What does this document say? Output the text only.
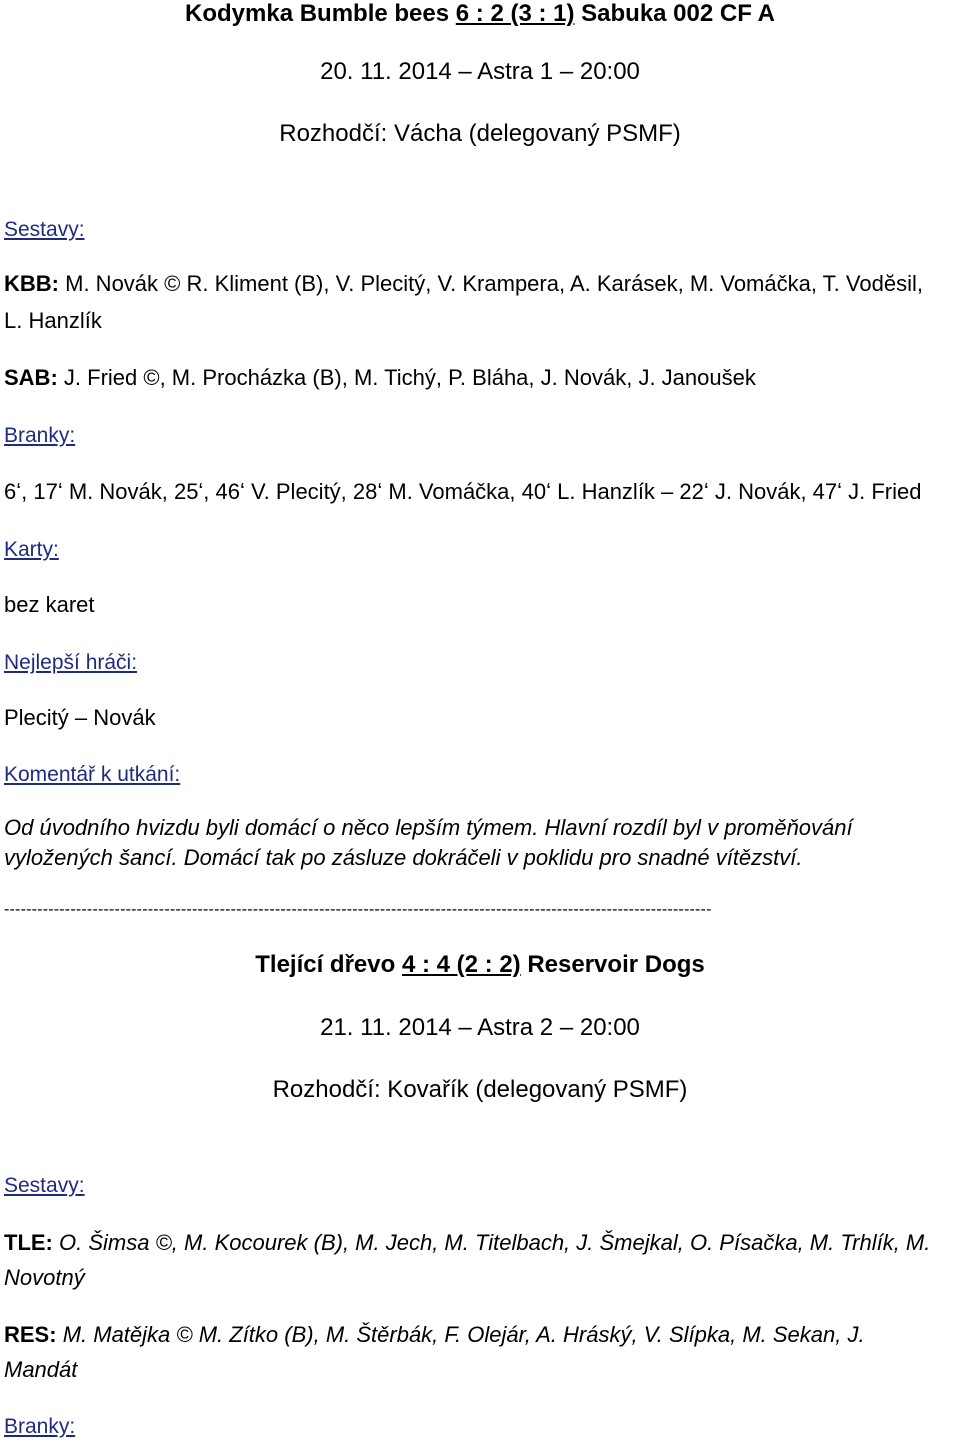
Kodymka Bumble bees 6 : 2 (3 : 1) Sabuka 002 CF A
20. 11. 2014 – Astra 1 – 20:00
Rozhodčí: Vácha (delegovaný PSMF)
Sestavy:
KBB: M. Novák © R. Kliment (B), V. Plecitý, V. Krampera, A. Karásek, M. Vomáčka, T. Vodĕsil,
L. Hanzlík
SAB: J. Fried ©, M. Procházka (B), M. Tichý, P. Bláha, J. Novák, J. Janoušek
Branky:
6ʻ, 17ʻ M. Novák, 25ʻ, 46ʻ V. Plecitý, 28ʻ M. Vomáčka, 40ʻ L. Hanzlík – 22ʻ J. Novák, 47ʻ J. Fried
Karty:
bez karet
Nejlepší hráči:
Plecitý – Novák
Komentář k utkání:
Od úvodního hvizdu byli domácí o něco lepším týmem. Hlavní rozdíl byl v proměňování
vyložených šancí. Domácí tak po zásluze dokráčeli v poklidu pro snadné vítězství.
--------------------------------------------------------------------------------------------------------------------------------
Tlející dřevo 4 : 4 (2 : 2) Reservoir Dogs
21. 11. 2014 – Astra 2 – 20:00
Rozhodčí: Kovařík (delegovaný PSMF)
Sestavy:
TLE: O. Šimsa ©, M. Kocourek (B), M. Jech, M. Titelbach, J. Šmejkal, O. Písačka, M. Trhlík, M.
Novotný
RES: M. Matějka © M. Zítko (B), M. Štěrbák, F. Olejár, A. Hráský, V. Slípka, M. Sekan, J.
Mandát
Branky:
